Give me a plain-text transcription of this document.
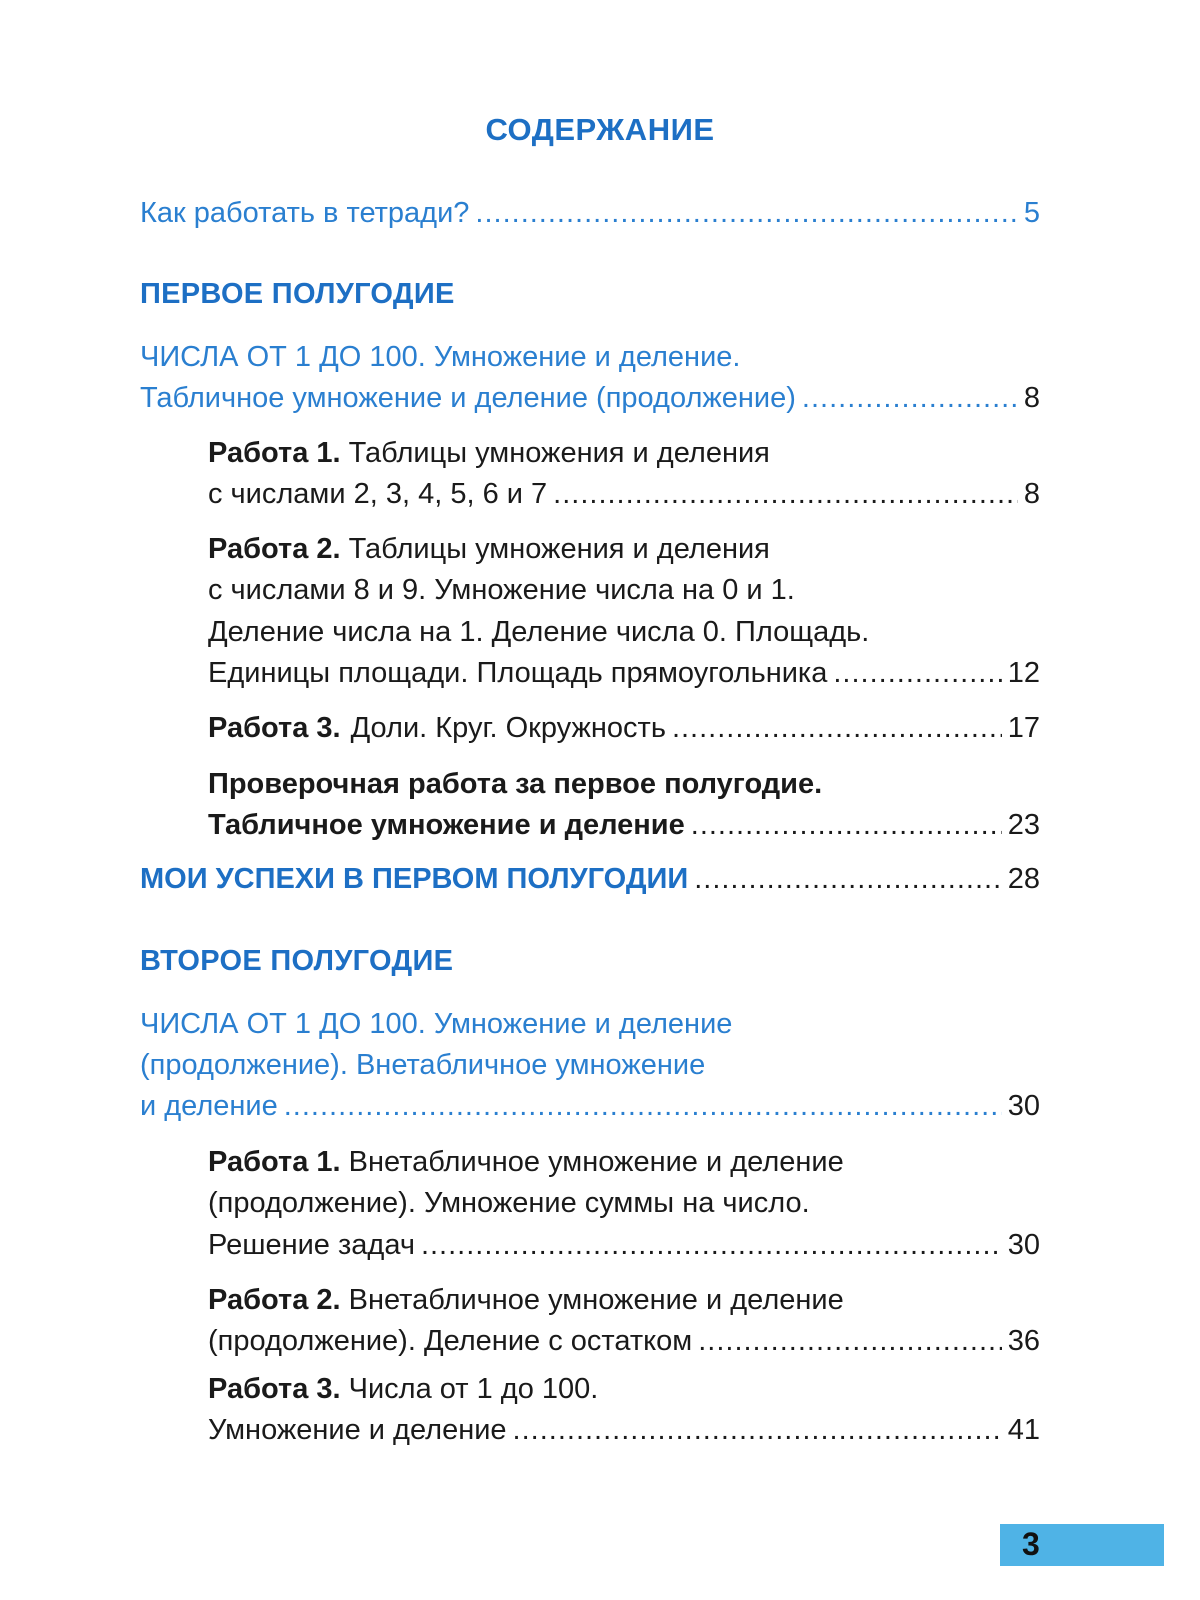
СОДЕРЖАНИЕ
Как работать в тетради? .....	5
ПЕРВОЕ ПОЛУГОДИЕ
ЧИСЛА ОТ 1 ДО 100. Умножение и деление.
Табличное умножение и деление (продолжение) .....	8
Работа 1. Таблицы умножения и деления
с числами 2, 3, 4, 5, 6 и 7 .....	8
Работа 2. Таблицы умножения и деления
с числами 8 и 9. Умножение числа на 0 и 1.
Деление числа на 1. Деление числа 0. Площадь.
Единицы площади. Площадь прямоугольника .....	12
Работа 3. Доли. Круг. Окружность .....	17
Проверочная работа за первое полугодие.
Табличное умножение и деление .....	23
МОИ УСПЕХИ В ПЕРВОМ ПОЛУГОДИИ .....	28
ВТОРОЕ ПОЛУГОДИЕ
ЧИСЛА ОТ 1 ДО 100. Умножение и деление
(продолжение). Внетабличное умножение
и деление .....	30
Работа 1. Внетабличное умножение и деление
(продолжение). Умножение суммы на число.
Решение задач .....	30
Работа 2. Внетабличное умножение и деление
(продолжение). Деление с остатком .....	36
Работа 3. Числа от 1 до 100.
Умножение и деление .....	41
3
